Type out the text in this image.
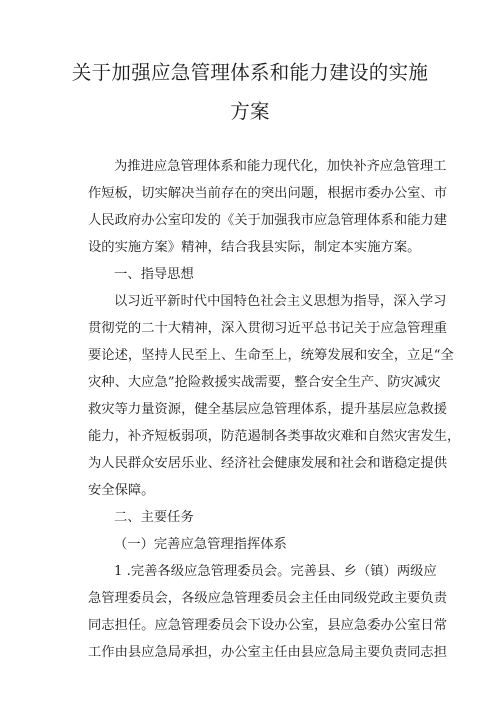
关于加强应急管理体系和能力建设的实施
方案
为推进应急管理体系和能力现代化，加快补齐应急管理工
作短板，切实解决当前存在的突出问题，根据市委办公室、市
人民政府办公室印发的《关于加强我市应急管理体系和能力建
设的实施方案》精神，结合我县实际，制定本实施方案。
一、指导思想
以习近平新时代中国特色社会主义思想为指导，深入学习
贯彻党的二十大精神，深入贯彻习近平总书记关于应急管理重
要论述，坚持人民至上、生命至上，统筹发展和安全，立足“全
灾种、大应急”抢险救援实战需要，整合安全生产、防灾减灾
救灾等力量资源，健全基层应急管理体系，提升基层应急救援
能力，补齐短板弱项，防范遏制各类事故灾难和自然灾害发生，
为人民群众安居乐业、经济社会健康发展和社会和谐稳定提供
安全保障。
二、主要任务
（一）完善应急管理指挥体系
1 .完善各级应急管理委员会。完善县、乡（镇）两级应
急管理委员会，各级应急管理委员会主任由同级党政主要负责
同志担任。应急管理委员会下设办公室，县应急委办公室日常
工作由县应急局承担，办公室主任由县应急局主要负责同志担
